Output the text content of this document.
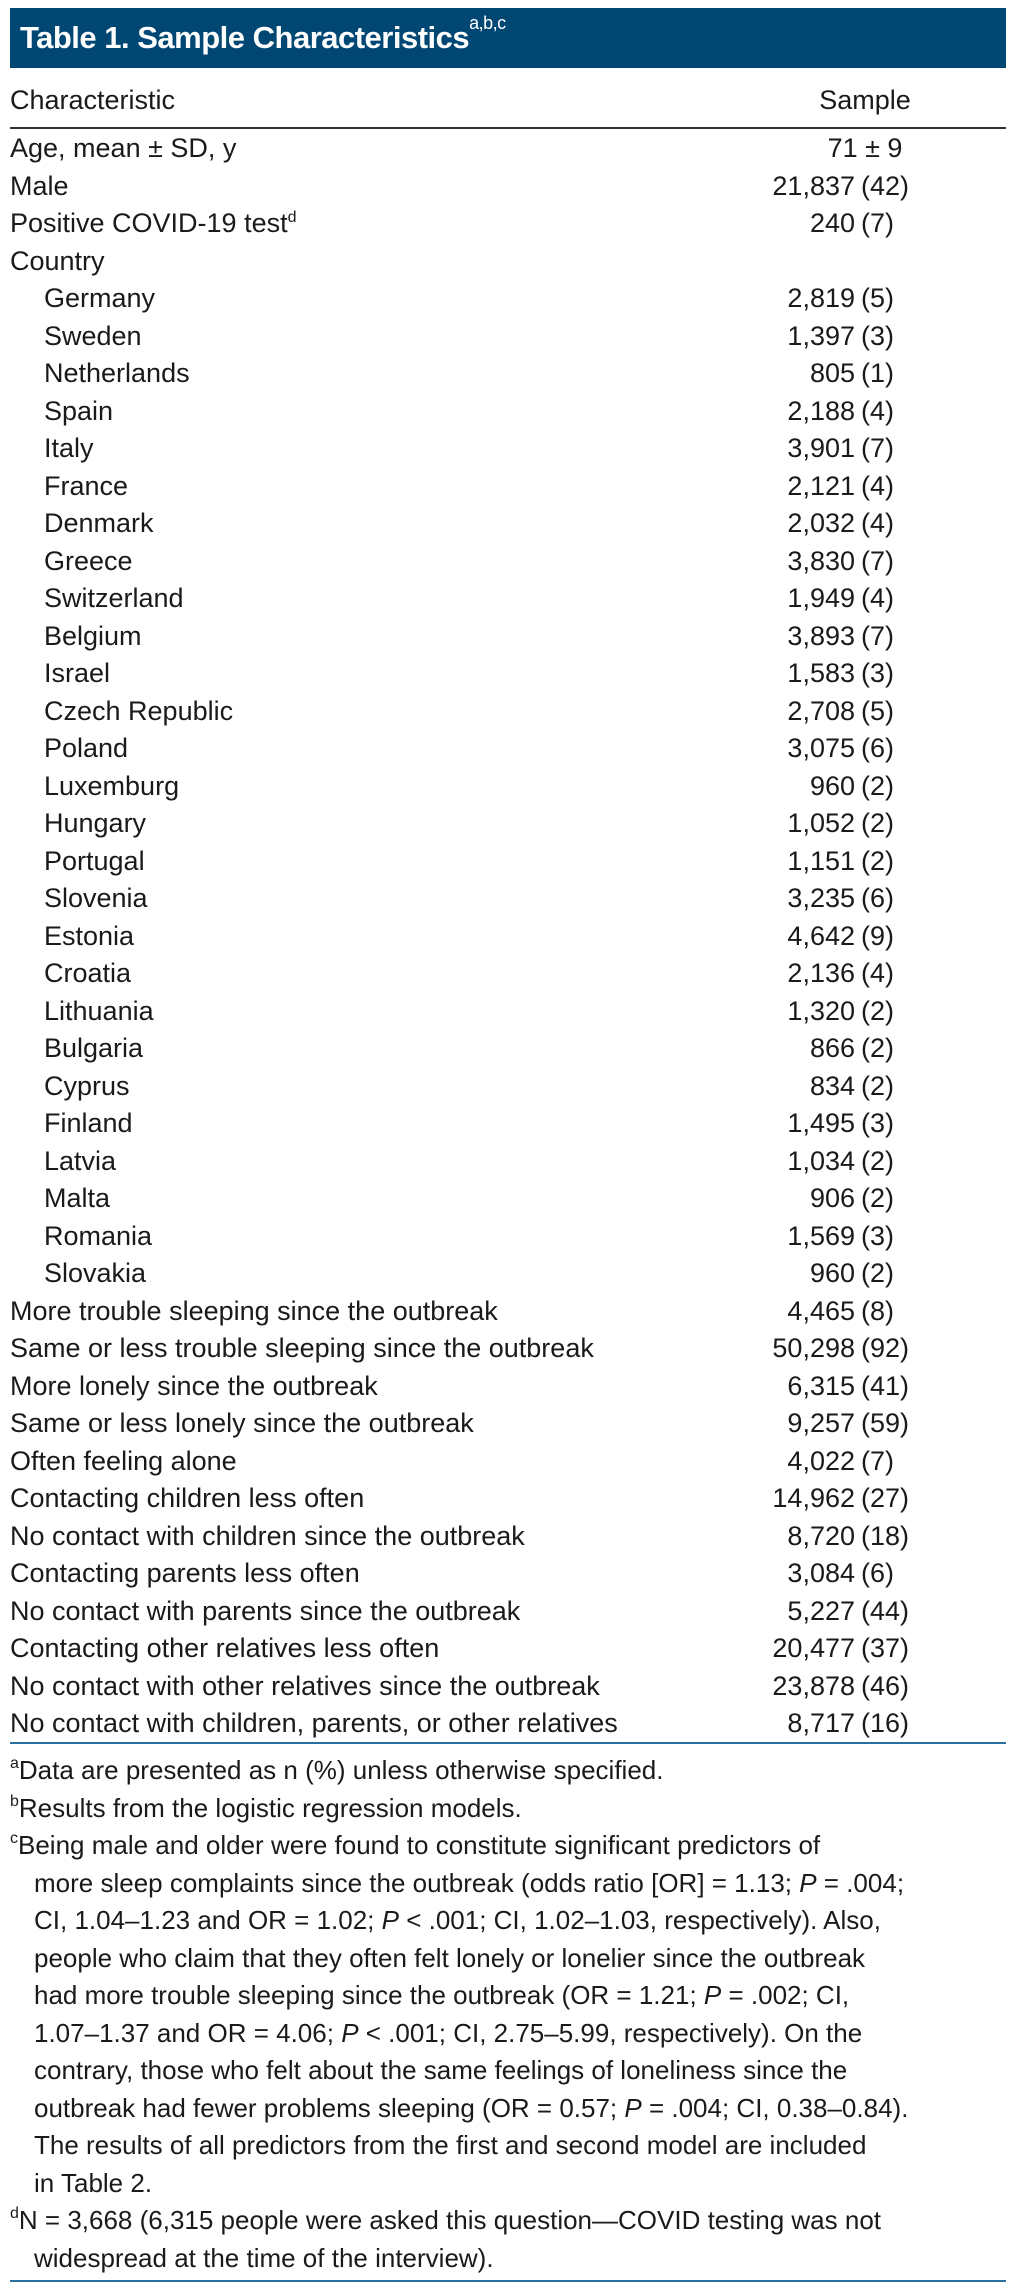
Table 1. Sample Characteristics$^{a,b,c}$
Characteristic	Sample
Age, mean ± SD, y	71 ± 9
Male	21,837 (42)
Positive COVID-19 test$^d$	240 (7)
Country
Germany	2,819 (5)
Sweden	1,397 (3)
Netherlands	805 (1)
Spain	2,188 (4)
Italy	3,901 (7)
France	2,121 (4)
Denmark	2,032 (4)
Greece	3,830 (7)
Switzerland	1,949 (4)
Belgium	3,893 (7)
Israel	1,583 (3)
Czech Republic	2,708 (5)
Poland	3,075 (6)
Luxemburg	960 (2)
Hungary	1,052 (2)
Portugal	1,151 (2)
Slovenia	3,235 (6)
Estonia	4,642 (9)
Croatia	2,136 (4)
Lithuania	1,320 (2)
Bulgaria	866 (2)
Cyprus	834 (2)
Finland	1,495 (3)
Latvia	1,034 (2)
Malta	906 (2)
Romania	1,569 (3)
Slovakia	960 (2)
More trouble sleeping since the outbreak	4,465 (8)
Same or less trouble sleeping since the outbreak	50,298 (92)
More lonely since the outbreak	6,315 (41)
Same or less lonely since the outbreak	9,257 (59)
Often feeling alone	4,022 (7)
Contacting children less often	14,962 (27)
No contact with children since the outbreak	8,720 (18)
Contacting parents less often	3,084 (6)
No contact with parents since the outbreak	5,227 (44)
Contacting other relatives less often	20,477 (37)
No contact with other relatives since the outbreak	23,878 (46)
No contact with children, parents, or other relatives	8,717 (16)
$^a$Data are presented as n (%) unless otherwise specified.
$^b$Results from the logistic regression models.
$^c$Being male and older were found to constitute significant predictors of
more sleep complaints since the outbreak (odds ratio [OR] = 1.13; P = .004;
CI, 1.04–1.23 and OR = 1.02; P < .001; CI, 1.02–1.03, respectively). Also,
people who claim that they often felt lonely or lonelier since the outbreak
had more trouble sleeping since the outbreak (OR = 1.21; P = .002; CI,
1.07–1.37 and OR = 4.06; P < .001; CI, 2.75–5.99, respectively). On the
contrary, those who felt about the same feelings of loneliness since the
outbreak had fewer problems sleeping (OR = 0.57; P = .004; CI, 0.38–0.84).
The results of all predictors from the first and second model are included
in Table 2.
$^d$N = 3,668 (6,315 people were asked this question—COVID testing was not
widespread at the time of the interview).
